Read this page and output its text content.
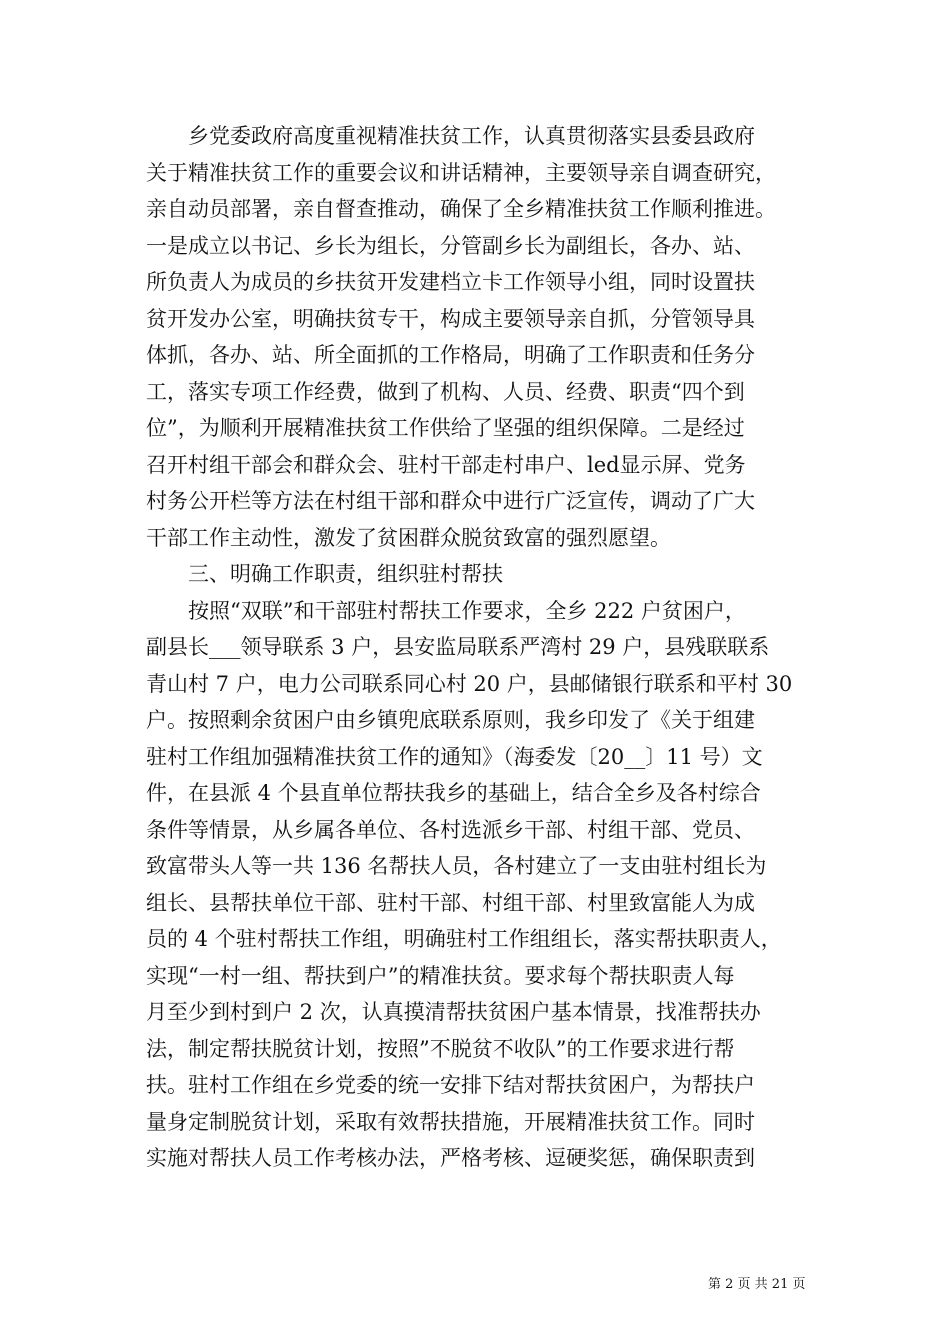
　　乡党委政府高度重视精准扶贫工作，认真贯彻落实县委县政府
关于精准扶贫工作的重要会议和讲话精神，主要领导亲自调查研究，
亲自动员部署，亲自督查推动，确保了全乡精准扶贫工作顺利推进。
一是成立以书记、乡长为组长，分管副乡长为副组长，各办、站、
所负责人为成员的乡扶贫开发建档立卡工作领导小组，同时设置扶
贫开发办公室，明确扶贫专干，构成主要领导亲自抓，分管领导具
体抓，各办、站、所全面抓的工作格局，明确了工作职责和任务分
工，落实专项工作经费，做到了机构、人员、经费、职责“四个到
位”，为顺利开展精准扶贫工作供给了坚强的组织保障。二是经过
召开村组干部会和群众会、驻村干部走村串户、led显示屏、党务
村务公开栏等方法在村组干部和群众中进行广泛宣传，调动了广大
干部工作主动性，激发了贫困群众脱贫致富的强烈愿望。
　　三、明确工作职责，组织驻村帮扶
　　按照“双联”和干部驻村帮扶工作要求，全乡 222 户贫困户，
副县长___领导联系 3 户，县安监局联系严湾村 29 户，县残联联系
青山村 7 户，电力公司联系同心村 20 户，县邮储银行联系和平村 30
户。按照剩余贫困户由乡镇兜底联系原则，我乡印发了《关于组建
驻村工作组加强精准扶贫工作的通知》（海委发〔20__〕11 号）文
件，在县派 4 个县直单位帮扶我乡的基础上，结合全乡及各村综合
条件等情景，从乡属各单位、各村选派乡干部、村组干部、党员、
致富带头人等一共 136 名帮扶人员，各村建立了一支由驻村组长为
组长、县帮扶单位干部、驻村干部、村组干部、村里致富能人为成
员的 4 个驻村帮扶工作组，明确驻村工作组组长，落实帮扶职责人，
实现“一村一组、帮扶到户”的精准扶贫。要求每个帮扶职责人每
月至少到村到户 2 次，认真摸清帮扶贫困户基本情景，找准帮扶办
法，制定帮扶脱贫计划，按照”不脱贫不收队”的工作要求进行帮
扶。驻村工作组在乡党委的统一安排下结对帮扶贫困户，为帮扶户
量身定制脱贫计划，采取有效帮扶措施，开展精准扶贫工作。同时
实施对帮扶人员工作考核办法，严格考核、逗硬奖惩，确保职责到
第 2 页 共 21 页
